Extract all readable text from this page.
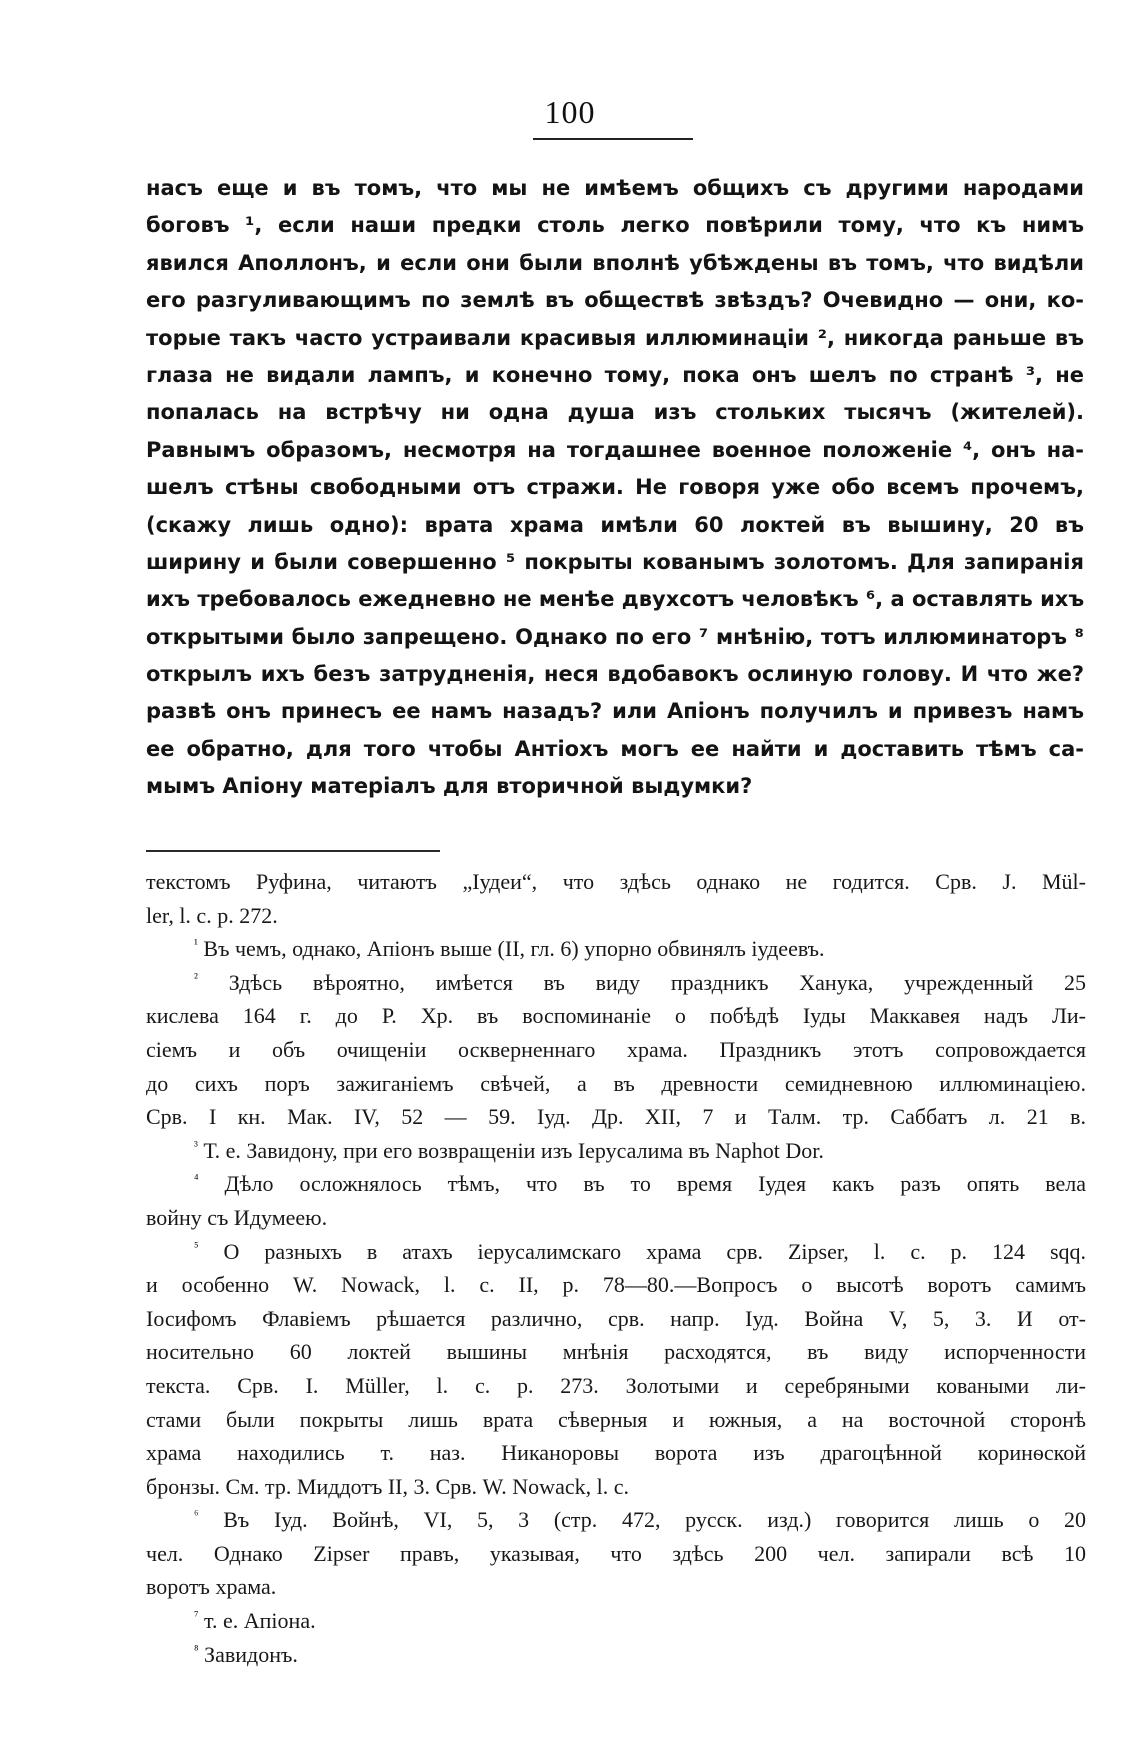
100
насъ еще и въ томъ, что мы не имѣемъ общихъ съ другими народами
боговъ ¹, если наши предки столь легко повѣрили тому, что къ нимъ
явился Аполлонъ, и если они были вполнѣ убѣждены въ томъ, что видѣли
его разгуливающимъ по землѣ въ обществѣ звѣздъ? Очевидно — они, ко-
торые такъ часто устраивали красивыя иллюминаціи ², никогда раньше въ
глаза не видали лампъ, и конечно тому, пока онъ шелъ по странѣ ³, не
попалась на встрѣчу ни одна душа изъ стольких тысячъ (жителей).
Равнымъ образомъ, несмотря на тогдашнее военное положеніе ⁴, онъ на-
шелъ стѣны свободными отъ стражи. Не говоря уже обо всемъ прочемъ,
(скажу лишь одно): врата храма имѣли 60 локтей въ вышину, 20 въ
ширину и были совершенно ⁵ покрыты кованымъ золотомъ. Для запиранія
ихъ требовалось ежедневно не менѣе двухсотъ человѣкъ ⁶, а оставлять ихъ
открытыми было запрещено. Однако по его ⁷ мнѣнію, тотъ иллюминаторъ ⁸
открылъ ихъ безъ затрудненія, неся вдобавокъ ослиную голову. И что же?
развѣ онъ принесъ ее намъ назадъ? или Апіонъ получилъ и привезъ намъ
ее обратно, для того чтобы Антіохъ могъ ее найти и доставить тѣмъ са-
мымъ Апіону матеріалъ для вторичной выдумки?
текстомъ Руфина, читаютъ „Іудеи“, что здѣсь однако не годится. Срв. J. Mül-
ler, l. c. p. 272.
$^{^1}$ Въ чемъ, однако, Апіонъ выше (II, гл. 6) упорно обвинялъ іудеевъ.
$^{^2}$ Здѣсь вѣроятно, имѣется въ виду праздникъ Ханука, учрежденный 25
кислева 164 г. до Р. Хр. въ воспоминаніе о побѣдѣ Іуды Маккавея надъ Ли-
сіемъ и объ очищеніи оскверненнаго храма. Праздникъ этотъ сопровождается
до сихъ поръ зажиганіемъ свѣчей, а въ древности семидневною иллюминаціею.
Срв. I кн. Мак. IV, 52 — 59. Іуд. Др. XII, 7 и Талм. тр. Саббатъ л. 21 в.
$^{^3}$ Т. е. Завидону, при его возвращеніи изъ Іерусалима въ Naphot Dor.
$^{^4}$ Дѣло осложнялось тѣмъ, что въ то время Іудея какъ разъ опять вела
войну съ Идумеею.
$^{^5}$ О разныхъ в атахъ іерусалимскаго храма срв. Zipser, l. c. p. 124 sqq.
и особенно W. Nowack, l. c. II, p. 78—80.—Вопросъ о высотѣ воротъ самимъ
Іосифомъ Флавіемъ рѣшается различно, срв. напр. Іуд. Война V, 5, 3. И от-
носительно 60 локтей вышины мнѣнія расходятся, въ виду испорченности
текста. Срв. I. Müller, l. c. p. 273. Золотыми и серебряными коваными ли-
стами были покрыты лишь врата сѣверныя и южныя, а на восточной сторонѣ
храма находились т. наз. Никаноровы ворота изъ драгоцѣнной коринѳской
бронзы. См. тр. Миддотъ II, 3. Срв. W. Nowack, l. c.
$^{^6}$ Въ Іуд. Войнѣ, VI, 5, 3 (стр. 472, русск. изд.) говорится лишь о 20
чел. Однако Zipser правъ, указывая, что здѣсь 200 чел. запирали всѣ 10
воротъ храма.
$^{^7}$ т. е. Апіона.
$^{^8}$ Завидонъ.
